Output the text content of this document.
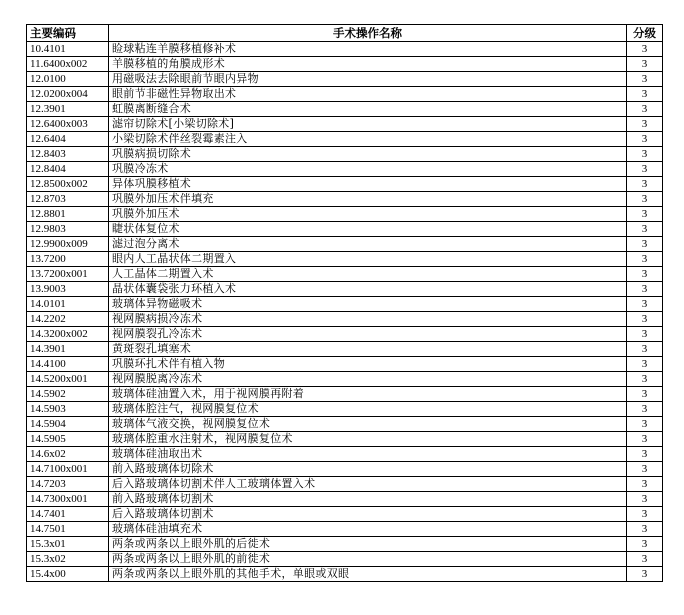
主要编码	手术操作名称	分级
10.4101	睑球粘连羊膜移植修补术	3
11.6400x002	羊膜移植的角膜成形术	3
12.0100	用磁吸法去除眼前节眼内异物	3
12.0200x004	眼前节非磁性异物取出术	3
12.3901	虹膜离断缝合术	3
12.6400x003	滤帘切除术[小梁切除术]	3
12.6404	小梁切除术伴丝裂霉素注入	3
12.8403	巩膜病损切除术	3
12.8404	巩膜冷冻术	3
12.8500x002	异体巩膜移植术	3
12.8703	巩膜外加压术伴填充	3
12.8801	巩膜外加压术	3
12.9803	睫状体复位术	3
12.9900x009	滤过泡分离术	3
13.7200	眼内人工晶状体二期置入	3
13.7200x001	人工晶体二期置入术	3
13.9003	晶状体囊袋张力环植入术	3
14.0101	玻璃体异物磁吸术	3
14.2202	视网膜病损冷冻术	3
14.3200x002	视网膜裂孔冷冻术	3
14.3901	黄斑裂孔填塞术	3
14.4100	巩膜环扎术伴有植入物	3
14.5200x001	视网膜脱离冷冻术	3
14.5902	玻璃体硅油置入术，用于视网膜再附着	3
14.5903	玻璃体腔注气，视网膜复位术	3
14.5904	玻璃体气液交换，视网膜复位术	3
14.5905	玻璃体腔重水注射术，视网膜复位术	3
14.6x02	玻璃体硅油取出术	3
14.7100x001	前入路玻璃体切除术	3
14.7203	后入路玻璃体切割术伴人工玻璃体置入术	3
14.7300x001	前入路玻璃体切割术	3
14.7401	后入路玻璃体切割术	3
14.7501	玻璃体硅油填充术	3
15.3x01	两条或两条以上眼外肌的后徙术	3
15.3x02	两条或两条以上眼外肌的前徙术	3
15.4x00	两条或两条以上眼外肌的其他手术，单眼或双眼	3
